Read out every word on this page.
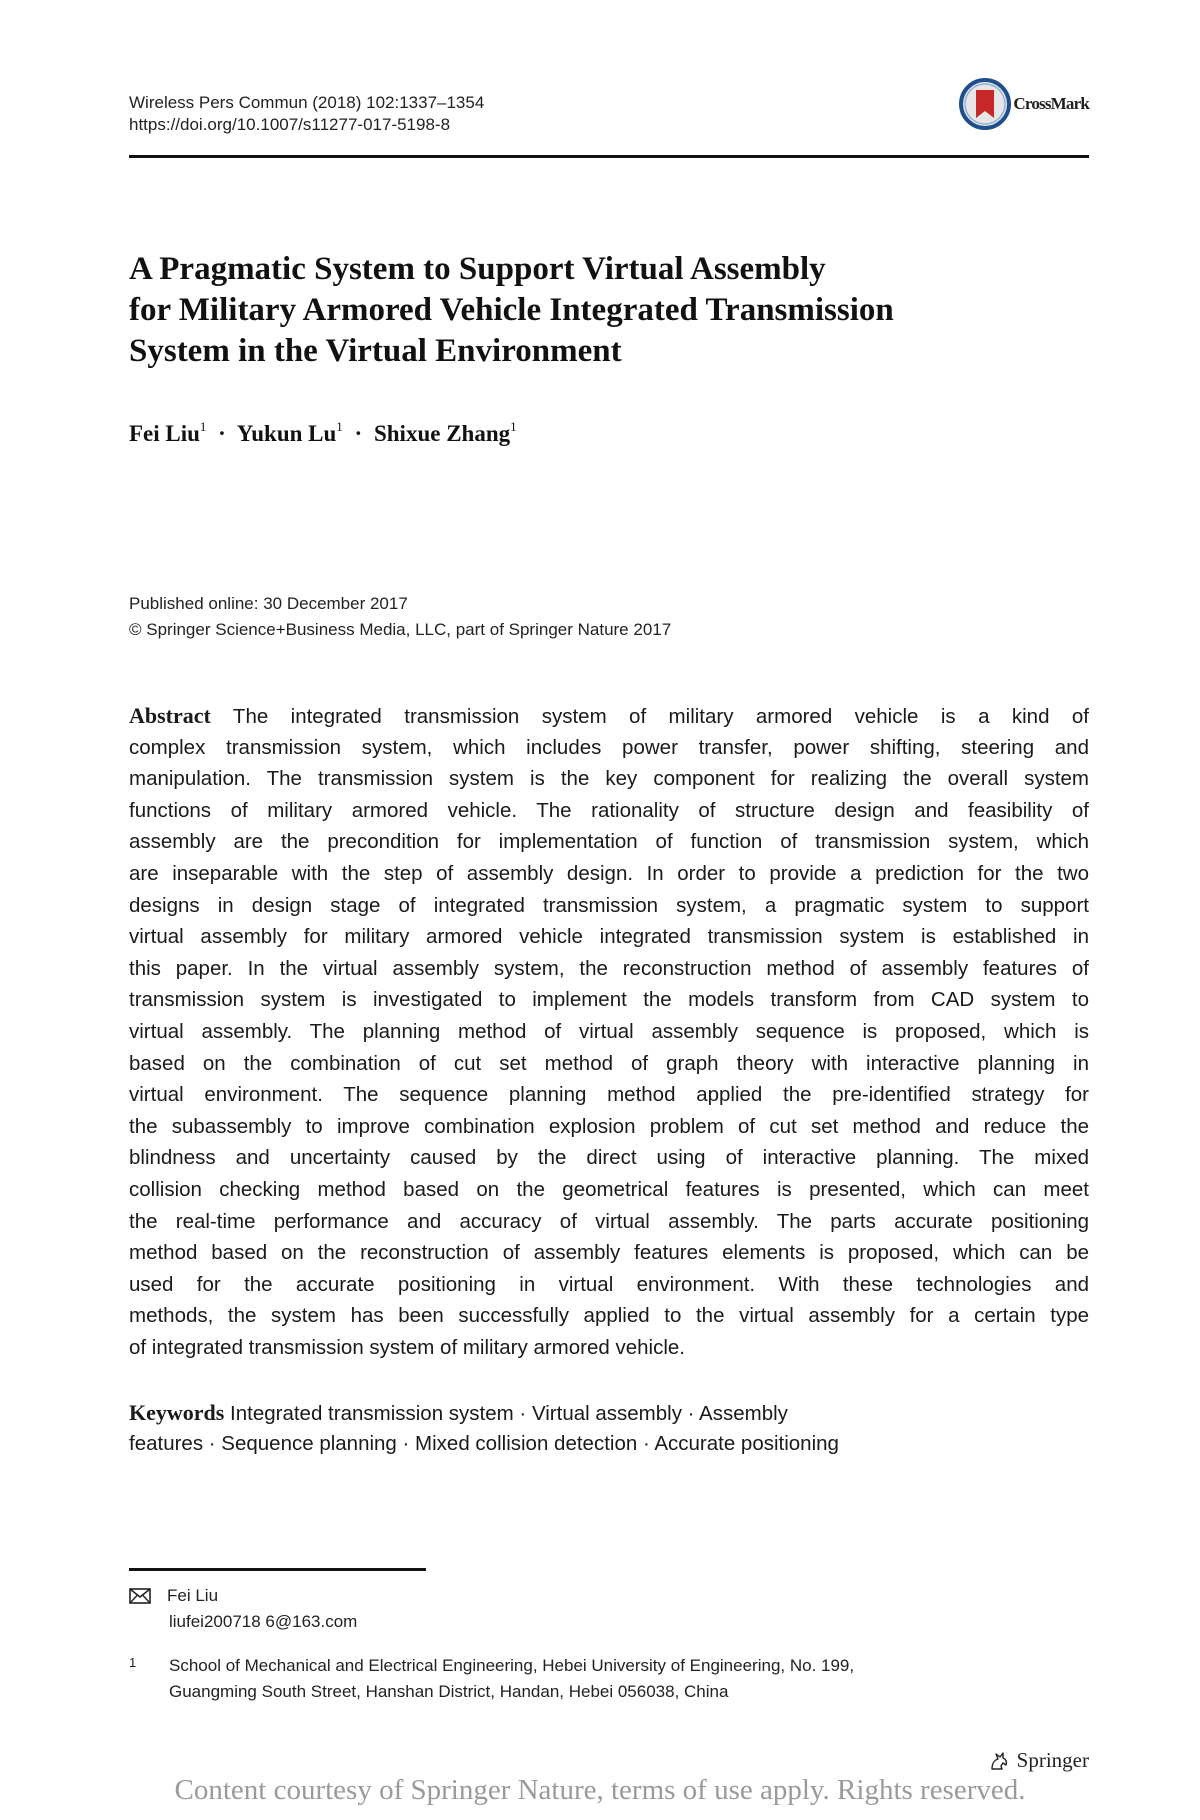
Wireless Pers Commun (2018) 102:1337–1354
https://doi.org/10.1007/s11277-017-5198-8
CrossMark
A Pragmatic System to Support Virtual Assembly
for Military Armored Vehicle Integrated Transmission
System in the Virtual Environment
Fei Liu$^1$ · Yukun $Lu^1$ · Shixue Zhang$^1$
Published online: 30 December 2017
© Springer Science+Business Media, LLC, part of Springer Nature 2017
Abstract The integrated transmission system of military armored vehicle is a kind of
complex transmission system, which includes power transfer, power shifting, steering and
manipulation. The transmission system is the key component for realizing the overall system
functions of military armored vehicle. The rationality of structure design and feasibility of
assembly are the precondition for implementation of function of transmission system, which
are inseparable with the step of assembly design. In order to provide a prediction for the two
designs in design stage of integrated transmission system, a pragmatic system to support
virtual assembly for military armored vehicle integrated transmission system is established in
this paper. In the virtual assembly system, the reconstruction method of assembly features of
transmission system is investigated to implement the models transform from CAD system to
virtual assembly. The planning method of virtual assembly sequence is proposed, which is
based on the combination of cut set method of graph theory with interactive planning in
virtual environment. The sequence planning method applied the pre-identified strategy for
the subassembly to improve combination explosion problem of cut set method and reduce the
blindness and uncertainty caused by the direct using of interactive planning. The mixed
collision checking method based on the geometrical features is presented, which can meet
the real-time performance and accuracy of virtual assembly. The parts accurate positioning
method based on the reconstruction of assembly features elements is proposed, which can be
used for the accurate positioning in virtual environment. With these technologies and
methods, the system has been successfully applied to the virtual assembly for a certain type
of integrated transmission system of military armored vehicle.
Keywords Integrated transmission system · Virtual assembly · Assembly
features · Sequence planning · Mixed collision detection · Accurate positioning
Fei Liu
liufei200718 6@163.com
1	School of Mechanical and Electrical Engineering, Hebei University of Engineering, No. 199,
Guangming South Street, Hanshan District, Handan, Hebei 056038, China
Springer
Content courtesy of Springer Nature, terms of use apply. Rights reserved.
